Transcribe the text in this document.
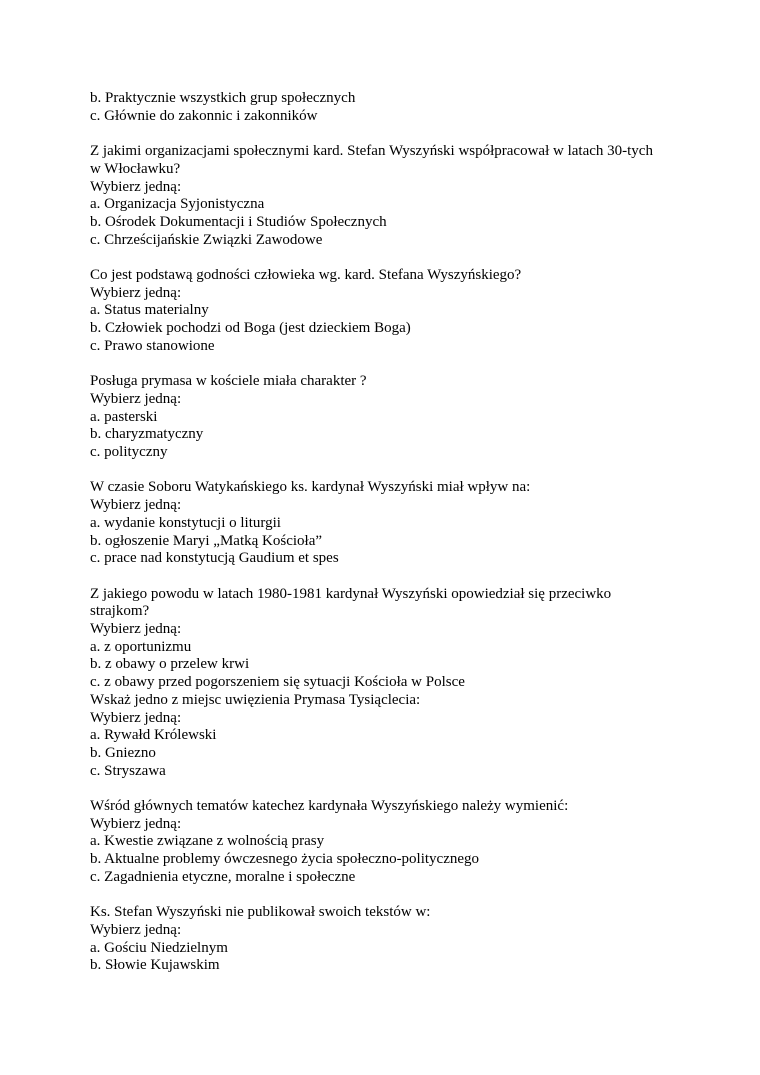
b. Praktycznie wszystkich grup społecznych
c. Głównie do zakonnic i zakonników
Z jakimi organizacjami społecznymi kard. Stefan Wyszyński współpracował w latach 30-tych
w Włocławku?
Wybierz jedną:
a. Organizacja Syjonistyczna
b. Ośrodek Dokumentacji i Studiów Społecznych
c. Chrześcijańskie Związki Zawodowe
Co jest podstawą godności człowieka wg. kard. Stefana Wyszyńskiego?
Wybierz jedną:
a. Status materialny
b. Człowiek pochodzi od Boga (jest dzieckiem Boga)
c. Prawo stanowione
Posługa prymasa w kościele miała charakter ?
Wybierz jedną:
a. pasterski
b. charyzmatyczny
c. polityczny
W czasie Soboru Watykańskiego ks. kardynał Wyszyński miał wpływ na:
Wybierz jedną:
a. wydanie konstytucji o liturgii
b. ogłoszenie Maryi „Matką Kościoła”
c. prace nad konstytucją Gaudium et spes
Z jakiego powodu w latach 1980-1981 kardynał Wyszyński opowiedział się przeciwko
strajkom?
Wybierz jedną:
a. z oportunizmu
b. z obawy o przelew krwi
c. z obawy przed pogorszeniem się sytuacji Kościoła w Polsce
Wskaż jedno z miejsc uwięzienia Prymasa Tysiąclecia:
Wybierz jedną:
a. Rywałd Królewski
b. Gniezno
c. Stryszawa
Wśród głównych tematów katechez kardynała Wyszyńskiego należy wymienić:
Wybierz jedną:
a. Kwestie związane z wolnością prasy
b. Aktualne problemy ówczesnego życia społeczno-politycznego
c. Zagadnienia etyczne, moralne i społeczne
Ks. Stefan Wyszyński nie publikował swoich tekstów w:
Wybierz jedną:
a. Gościu Niedzielnym
b. Słowie Kujawskim
